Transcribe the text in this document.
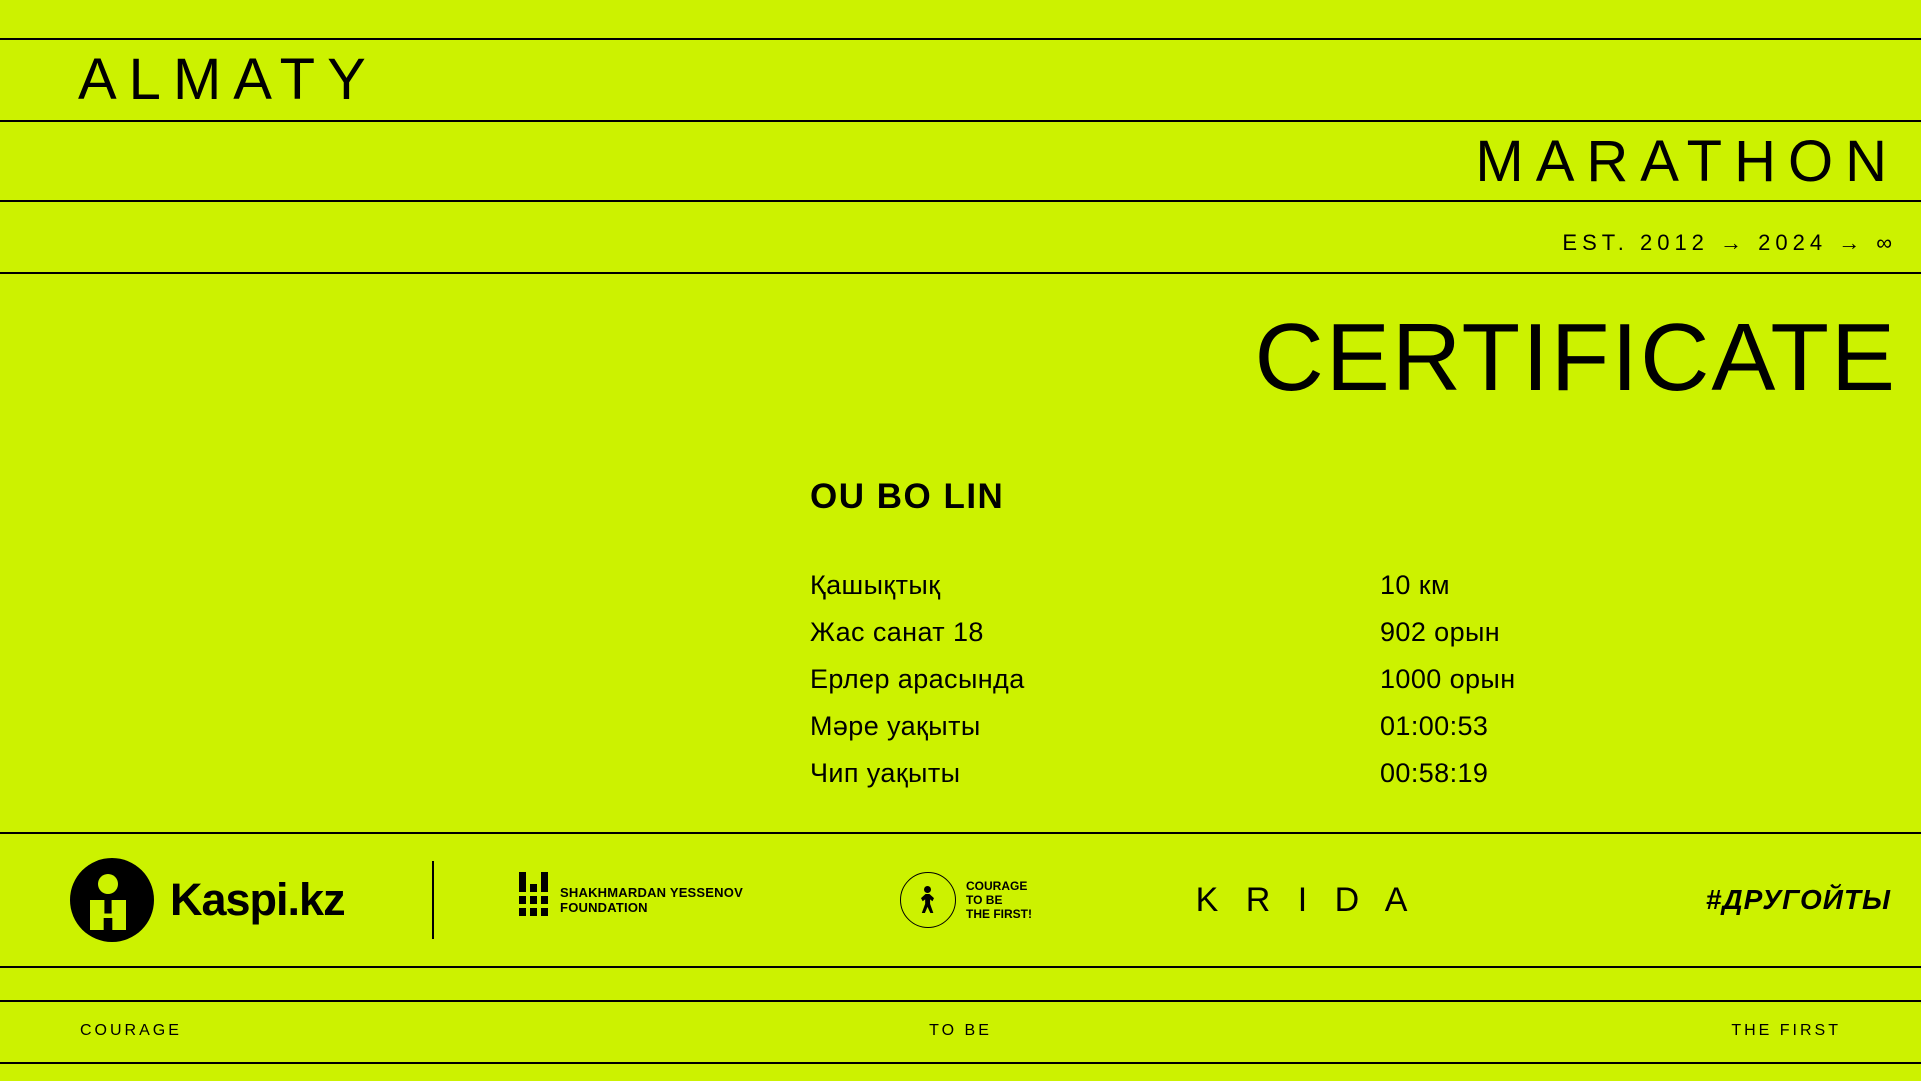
ALMATY
MARATHON
EST. 2012 → 2024 → ∞
CERTIFICATE
OU BO LIN
Қашықтық	10 км
Жас санат 18	902 орын
Ерлер арасында	1000 орын
Мәре уақыты	01:00:53
Чип уақыты	00:58:19
Kaspi.kz	SHAKHMARDAN YESSENOV
FOUNDATION
COURAGE
TO BE
THE FIRST!	K R I D A	#ДРУГОЙТЫ
COURAGE	TO BE	THE FIRST
